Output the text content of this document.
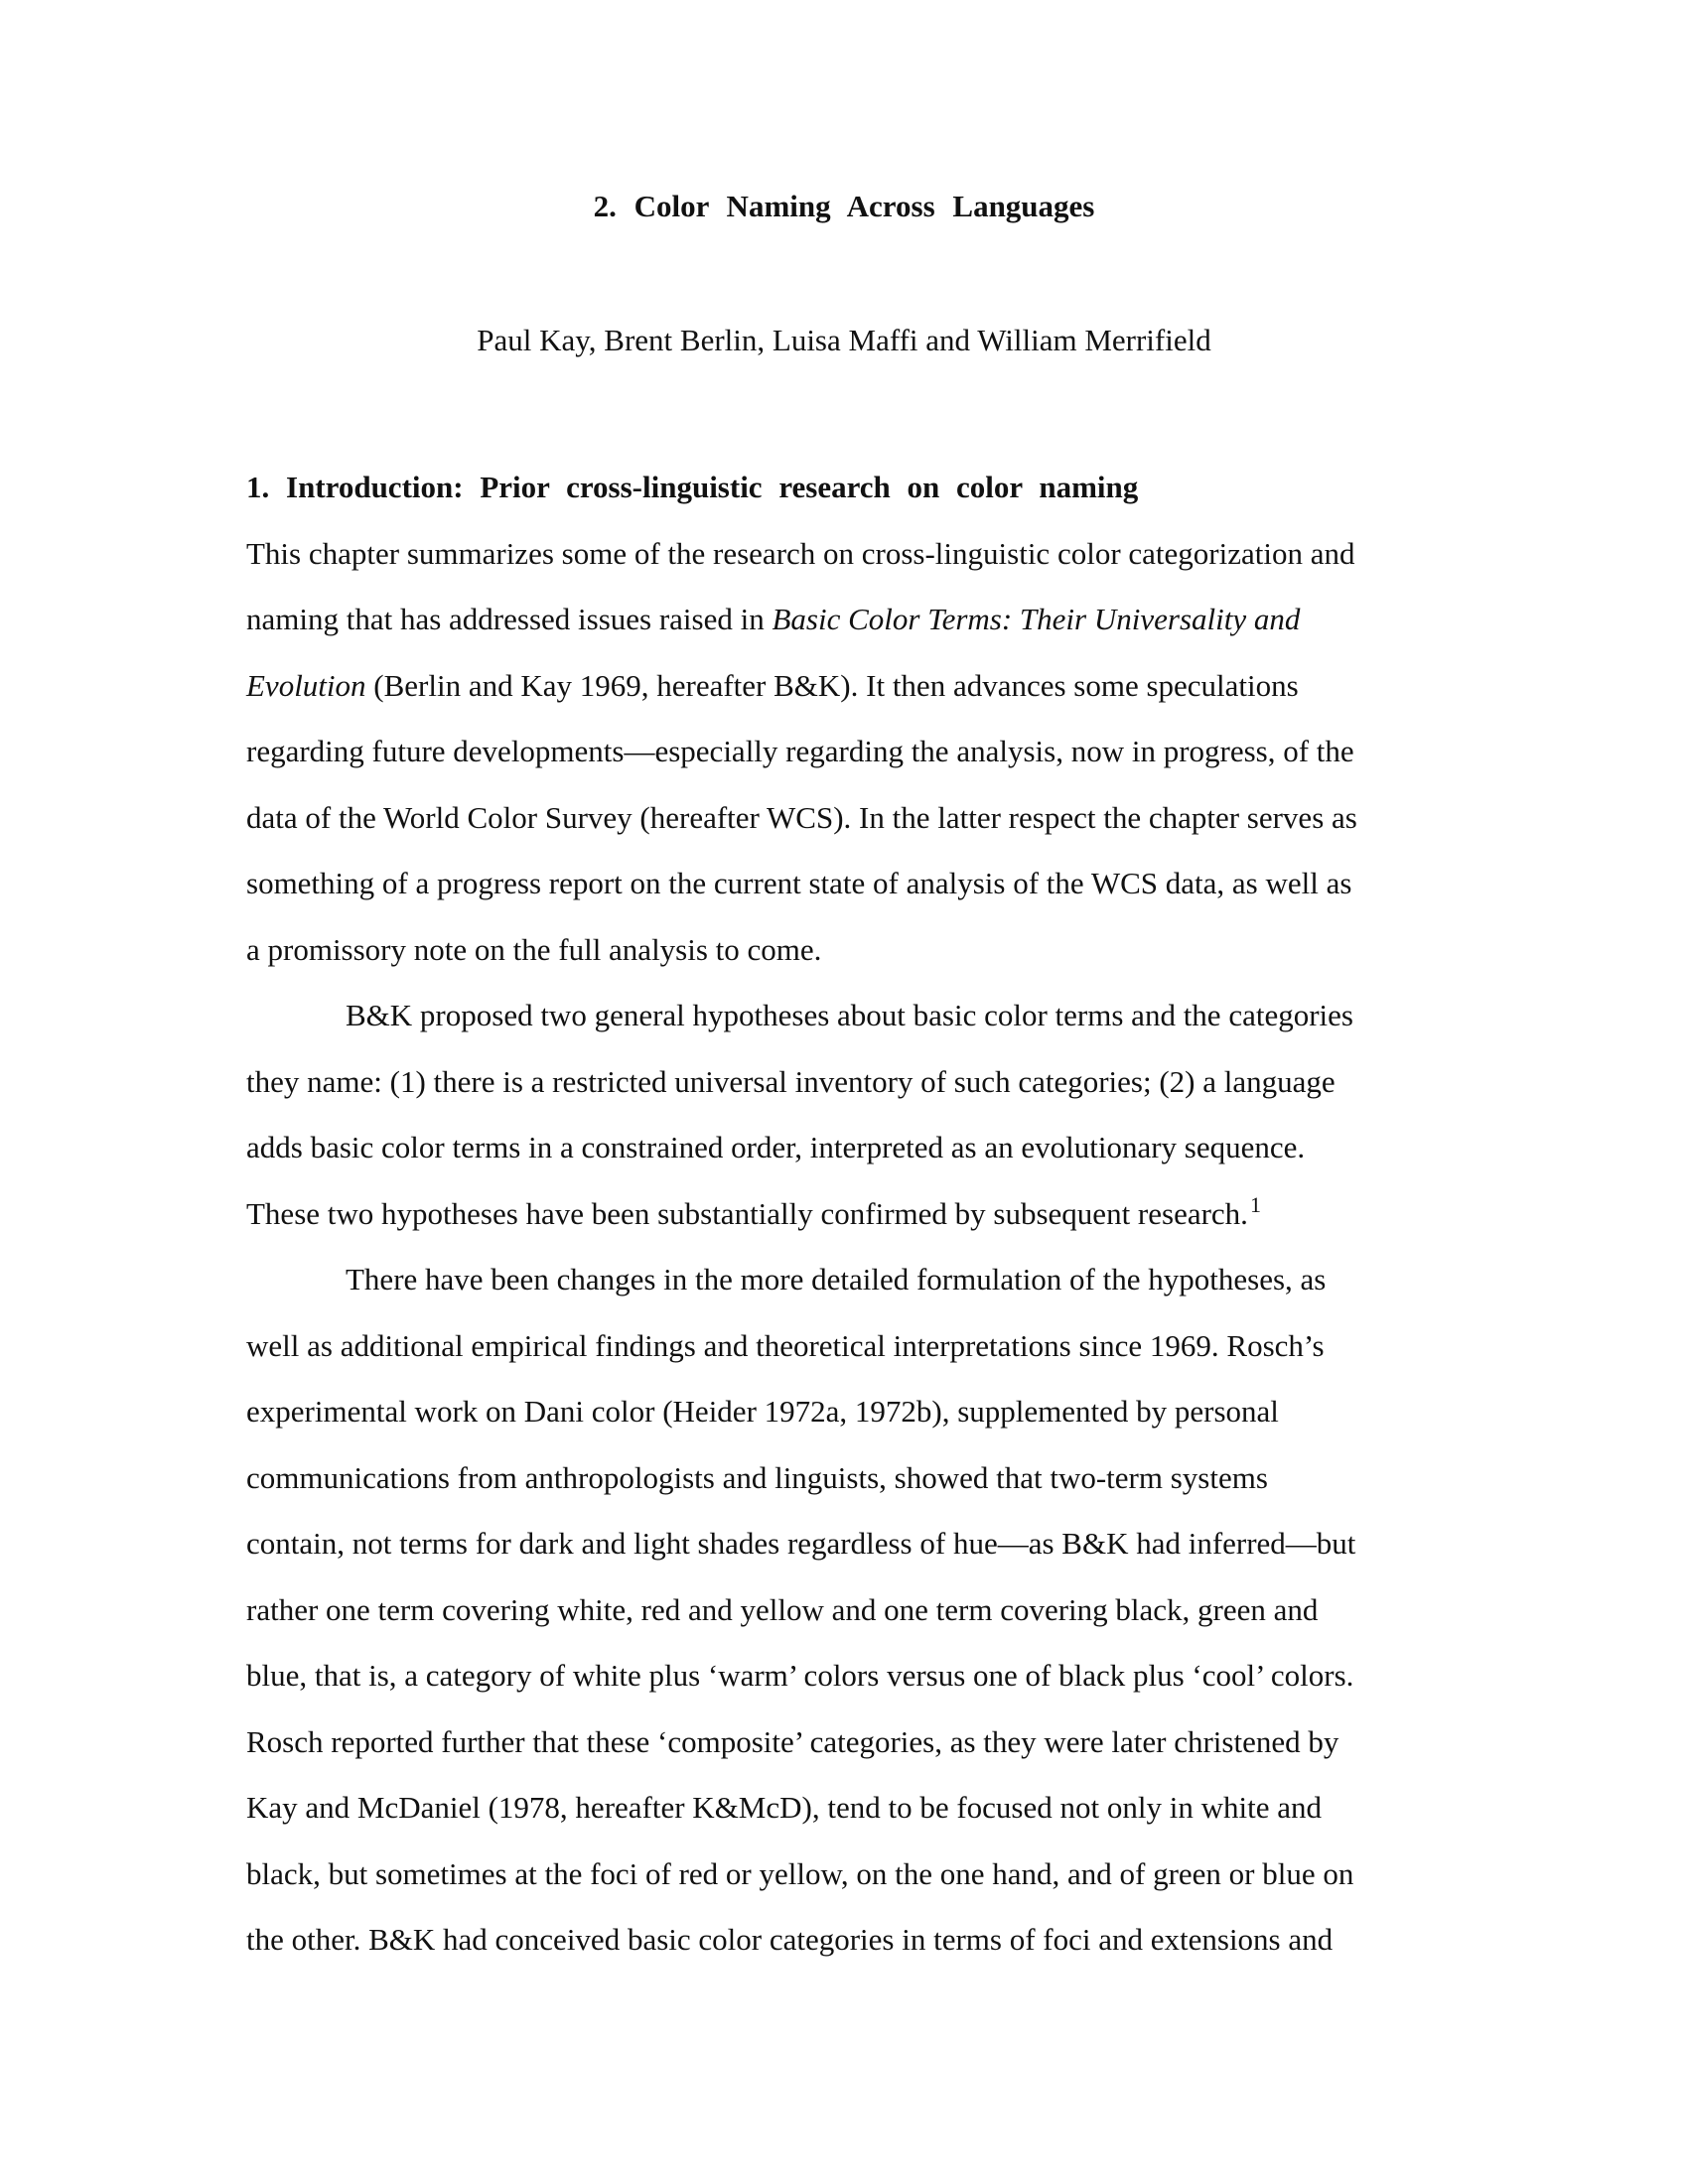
2. Color Naming Across Languages

Paul Kay, Brent Berlin, Luisa Maffi and William Merrifield

1. Introduction: Prior cross-linguistic research on color naming

This chapter summarizes some of the research on cross-linguistic color categorization and
naming that has addressed issues raised in Basic Color Terms: Their Universality and
Evolution (Berlin and Kay 1969, hereafter B&K). It then advances some speculations
regarding future developments—especially regarding the analysis, now in progress, of the
data of the World Color Survey (hereafter WCS). In the latter respect the chapter serves as
something of a progress report on the current state of analysis of the WCS data, as well as
a promissory note on the full analysis to come.

B&K proposed two general hypotheses about basic color terms and the categories
they name: (1) there is a restricted universal inventory of such categories; (2) a language
adds basic color terms in a constrained order, interpreted as an evolutionary sequence.
These two hypotheses have been substantially confirmed by subsequent research.$^1$

There have been changes in the more detailed formulation of the hypotheses, as
well as additional empirical findings and theoretical interpretations since 1969. Rosch’s
experimental work on Dani color (Heider 1972a, 1972b), supplemented by personal
communications from anthropologists and linguists, showed that two-term systems
contain, not terms for dark and light shades regardless of hue—as B&K had inferred—but
rather one term covering white, red and yellow and one term covering black, green and
blue, that is, a category of white plus ‘warm’ colors versus one of black plus ‘cool’ colors.
Rosch reported further that these ‘composite’ categories, as they were later christened by
Kay and McDaniel (1978, hereafter K&McD), tend to be focused not only in white and
black, but sometimes at the foci of red or yellow, on the one hand, and of green or blue on
the other. B&K had conceived basic color categories in terms of foci and extensions and
